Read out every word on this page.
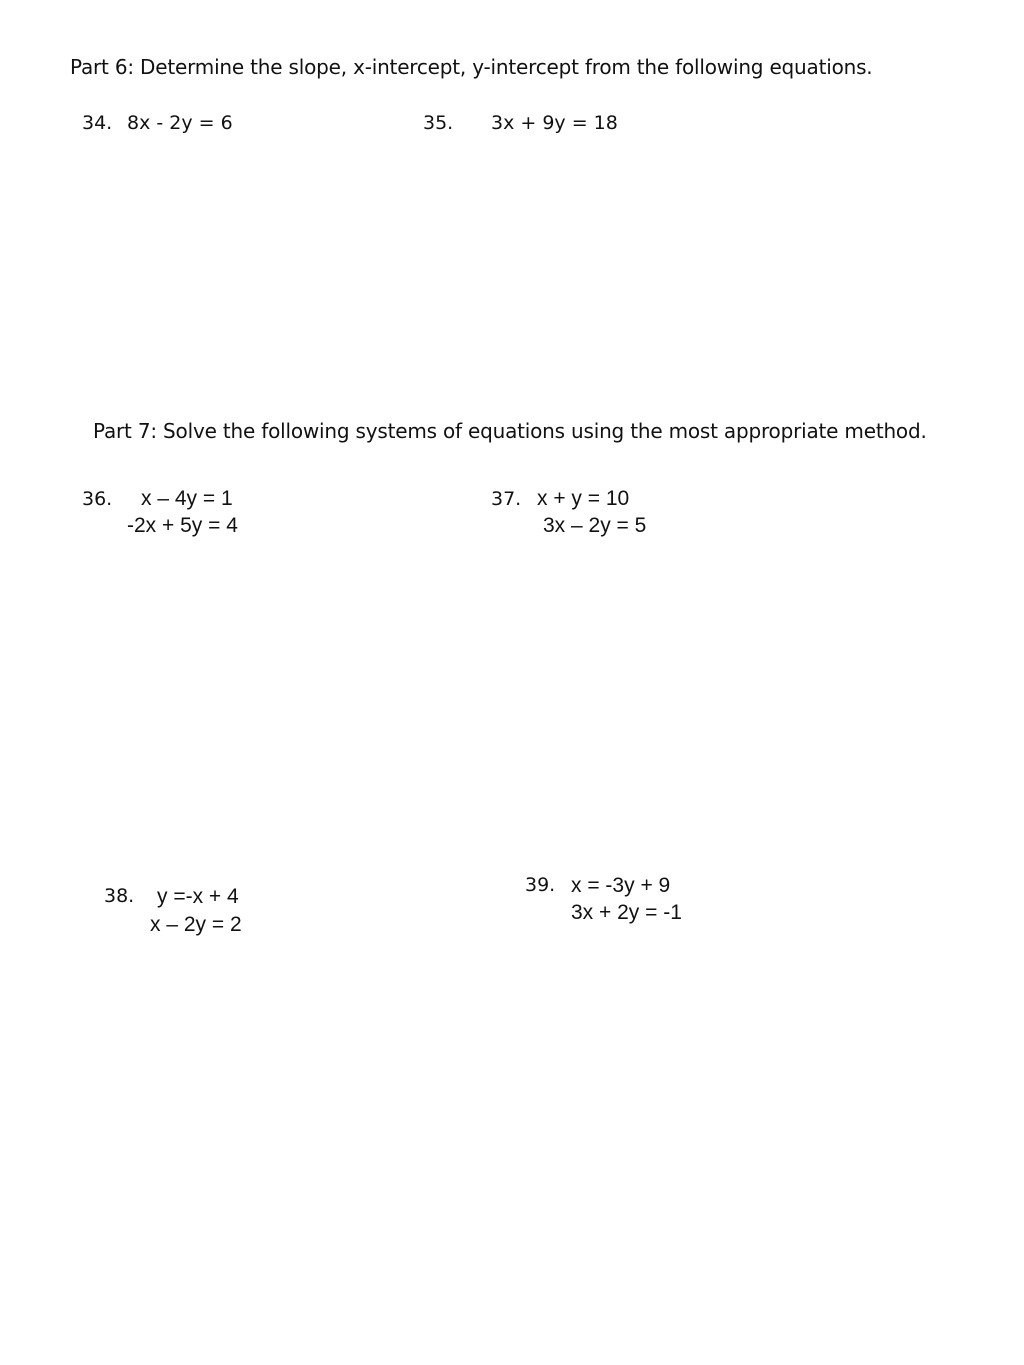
Part 6: Determine the slope, x-intercept, y-intercept from the following equations.
34. 8x - 2y = 6	35. 3x + 9y = 18
Part 7: Solve the following systems of equations using the most appropriate method.
36. x – 4y = 1
-2x + 5y = 4
37. x + y = 10
3x – 2y = 5
38. y =-x + 4
x – 2y = 2
39. x = -3y + 9
3x + 2y = -1
